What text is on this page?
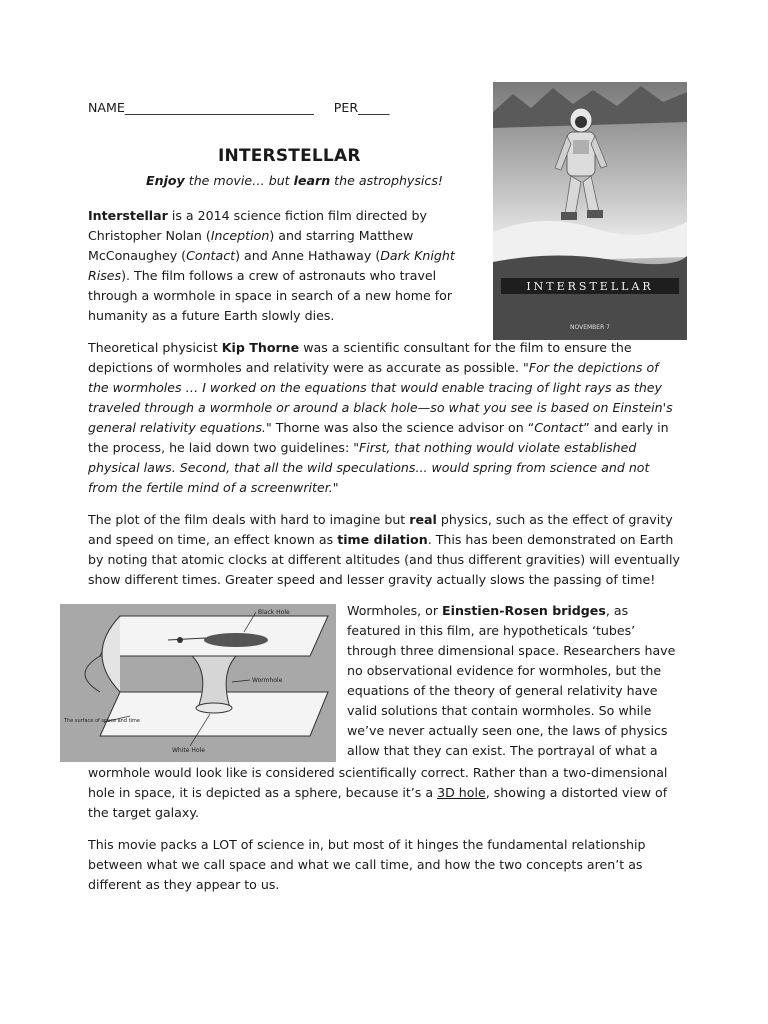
NAME______________________________ PER_____
INTERSTELLAR
Enjoy the movie… but learn the astrophysics!

Interstellar is a 2014 science fiction film directed by Christopher Nolan (Inception) and starring Matthew McConaughey (Contact) and Anne Hathaway (Dark Knight Rises). The film follows a crew of astronauts who travel through a wormhole in space in search of a new home for humanity as a future Earth slowly dies.

INTERSTELLAR
NOVEMBER 7

Theoretical physicist Kip Thorne was a scientific consultant for the film to ensure the depictions of wormholes and relativity were as accurate as possible. "For the depictions of the wormholes … I worked on the equations that would enable tracing of light rays as they traveled through a wormhole or around a black hole—so what you see is based on Einstein's general relativity equations." Thorne was also the science advisor on “Contact” and early in the process, he laid down two guidelines: "First, that nothing would violate established physical laws. Second, that all the wild speculations... would spring from science and not from the fertile mind of a screenwriter."

The plot of the film deals with hard to imagine but real physics, such as the effect of gravity and speed on time, an effect known as time dilation. This has been demonstrated on Earth by noting that atomic clocks at different altitudes (and thus different gravities) will eventually show different times. Greater speed and lesser gravity actually slows the passing of time!

Black Hole
Wormhole
The surface of space and time
White Hole

Wormholes, or Einstien-Rosen bridges, as featured in this film, are hypotheticals ‘tubes’ through three dimensional space. Researchers have no observational evidence for wormholes, but the equations of the theory of general relativity have valid solutions that contain wormholes. So while we’ve never actually seen one, the laws of physics allow that they can exist. The portrayal of what a

wormhole would look like is considered scientifically correct. Rather than a two-dimensional hole in space, it is depicted as a sphere, because it’s a 3D hole, showing a distorted view of the target galaxy.

This movie packs a LOT of science in, but most of it hinges the fundamental relationship between what we call space and what we call time, and how the two concepts aren’t as different as they appear to us.
